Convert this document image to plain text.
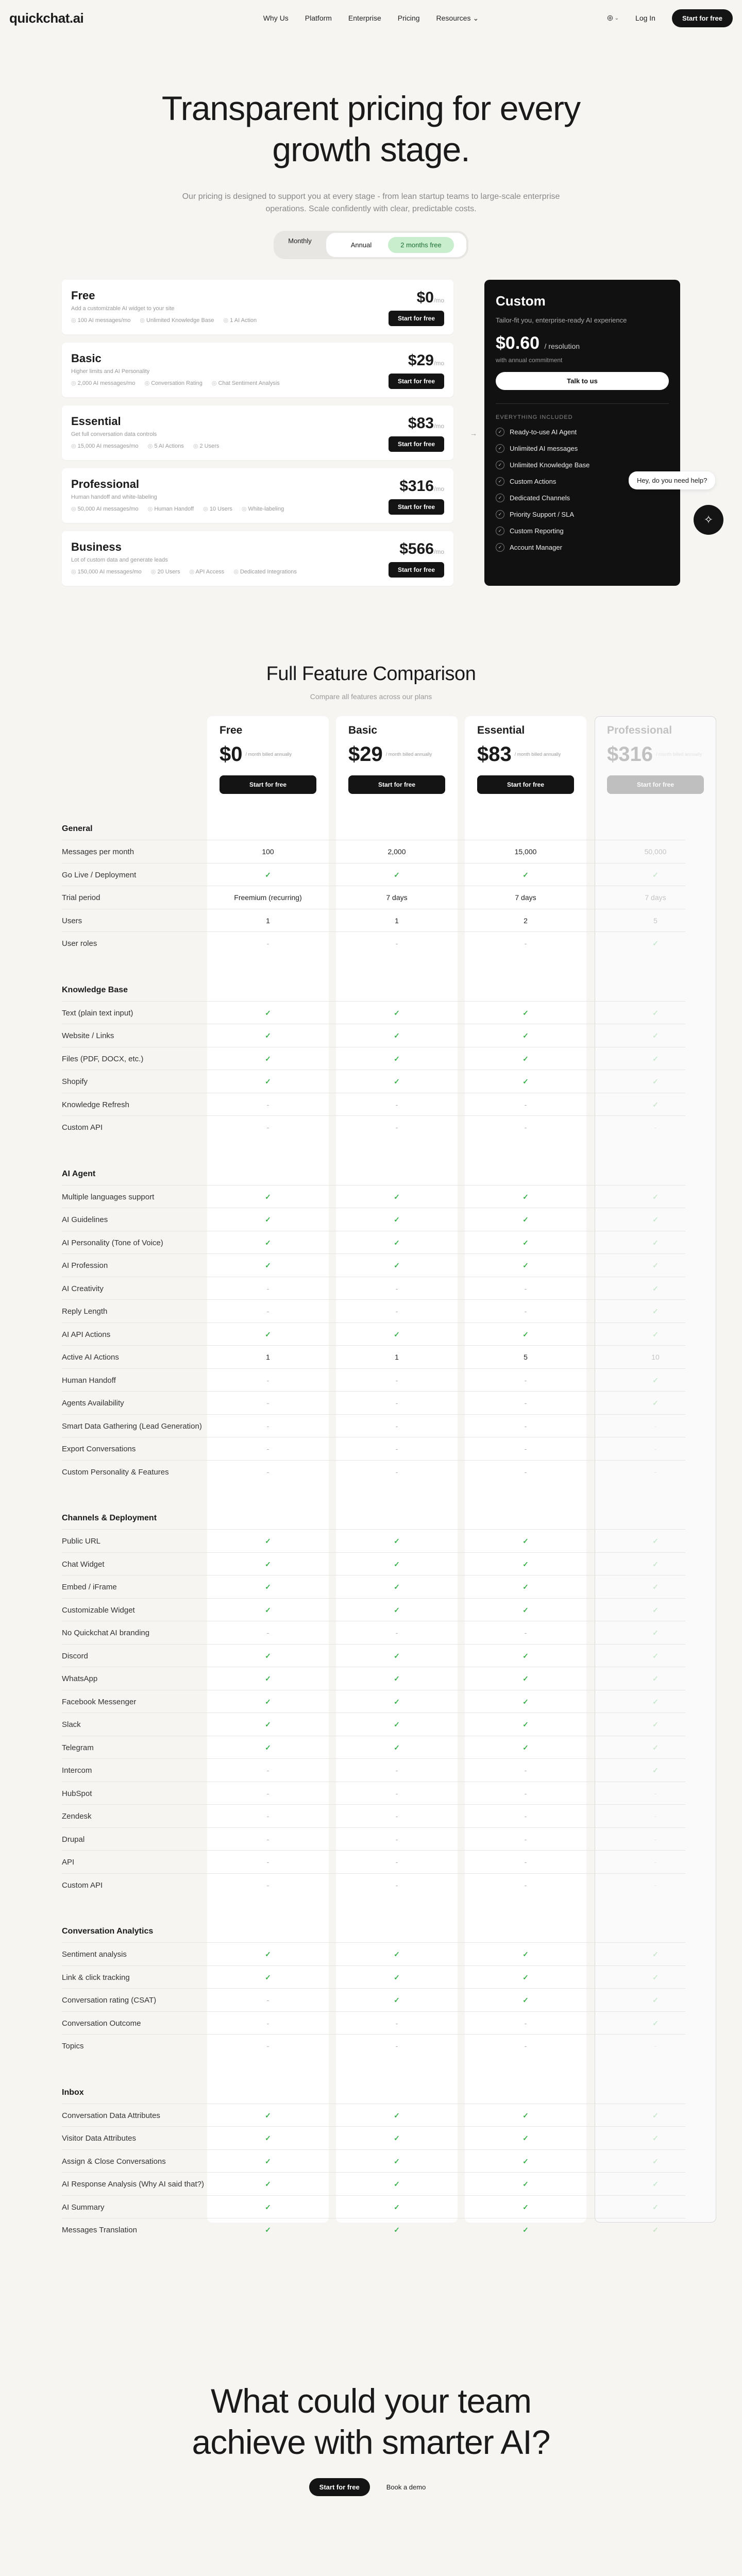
quickchat.ai	Why Us Platform Enterprise Pricing Resources ⌄	⊕ ⌄	Log In	Start for free
Transparent pricing for every growth stage.

Our pricing is designed to support you at every stage - from lean startup teams to large-scale enterprise operations. Scale confidently with clear, predictable costs.

Monthly
Annual	2 months free
Free
Add a customizable AI widget to your site
◎ 100 AI messages/mo	◎ Unlimited Knowledge Base	◎ 1 AI Action
$0/mo
Start for free
Basic
Higher limits and AI Personality
◎ 2,000 AI messages/mo	◎ Conversation Rating	◎ Chat Sentiment Analysis
$29/mo
Start for free
Essential
Get full conversation data controls
◎ 15,000 AI messages/mo	◎ 5 AI Actions	◎ 2 Users
$83/mo
Start for free
Professional
Human handoff and white-labeling
◎ 50,000 AI messages/mo	◎ Human Handoff	◎ 10 Users	◎ White-labeling
$316/mo
Start for free
Business
Lot of custom data and generate leads
◎ 150,000 AI messages/mo	◎ 20 Users	◎ API Access	◎ Dedicated Integrations
$566/mo
Start for free
→
Custom
Tailor-fit you, enterprise-ready AI experience
$0.60 / resolution
with annual commitment
Talk to us
EVERYTHING INCLUDED
✓ Ready-to-use AI Agent
✓ Unlimited AI messages
✓ Unlimited Knowledge Base
✓ Custom Actions
✓ Dedicated Channels
✓ Priority Support / SLA
✓ Custom Reporting
✓ Account Manager
Hey, do you need help?
✧
Full Feature Comparison

Compare all features across our plans

Free
$0 / month billed annually
Start for free
Basic
$29 / month billed annually
Start for free
Essential
$83 / month billed annually
Start for free
Professional
$316 / month billed annually
Start for free
General
Messages per month	100	2,000	15,000	50,000
Go Live / Deployment	✓	✓	✓	✓
Trial period	Freemium (recurring)	7 days	7 days	7 days
Users	1	1	2	5
User roles	-	-	-	✓
Knowledge Base
Text (plain text input)	✓	✓	✓	✓
Website / Links	✓	✓	✓	✓
Files (PDF, DOCX, etc.)	✓	✓	✓	✓
Shopify	✓	✓	✓	✓
Knowledge Refresh	-	-	-	✓
Custom API	-	-	-	-
AI Agent
Multiple languages support	✓	✓	✓	✓
AI Guidelines	✓	✓	✓	✓
AI Personality (Tone of Voice)	✓	✓	✓	✓
AI Profession	✓	✓	✓	✓
AI Creativity	-	-	-	✓
Reply Length	-	-	-	✓
AI API Actions	✓	✓	✓	✓
Active AI Actions	1	1	5	10
Human Handoff	-	-	-	✓
Agents Availability	-	-	-	✓
Smart Data Gathering (Lead Generation)	-	-	-	-
Export Conversations	-	-	-	-
Custom Personality & Features	-	-	-	-
Channels & Deployment
Public URL	✓	✓	✓	✓
Chat Widget	✓	✓	✓	✓
Embed / iFrame	✓	✓	✓	✓
Customizable Widget	✓	✓	✓	✓
No Quickchat AI branding	-	-	-	✓
Discord	✓	✓	✓	✓
WhatsApp	✓	✓	✓	✓
Facebook Messenger	✓	✓	✓	✓
Slack	✓	✓	✓	✓
Telegram	✓	✓	✓	✓
Intercom	-	-	-	✓
HubSpot	-	-	-	-
Zendesk	-	-	-	-
Drupal	-	-	-	-
API	-	-	-	-
Custom API	-	-	-	-
Conversation Analytics
Sentiment analysis	✓	✓	✓	✓
Link & click tracking	✓	✓	✓	✓
Conversation rating (CSAT)	-	✓	✓	✓
Conversation Outcome	-	-	-	✓
Topics	-	-	-	-
Inbox
Conversation Data Attributes	✓	✓	✓	✓
Visitor Data Attributes	✓	✓	✓	✓
Assign & Close Conversations	✓	✓	✓	✓
AI Response Analysis (Why AI said that?)	✓	✓	✓	✓
AI Summary	✓	✓	✓	✓
Messages Translation	✓	✓	✓	✓
What could your team achieve with smarter AI?
Start for free	Book a demo
